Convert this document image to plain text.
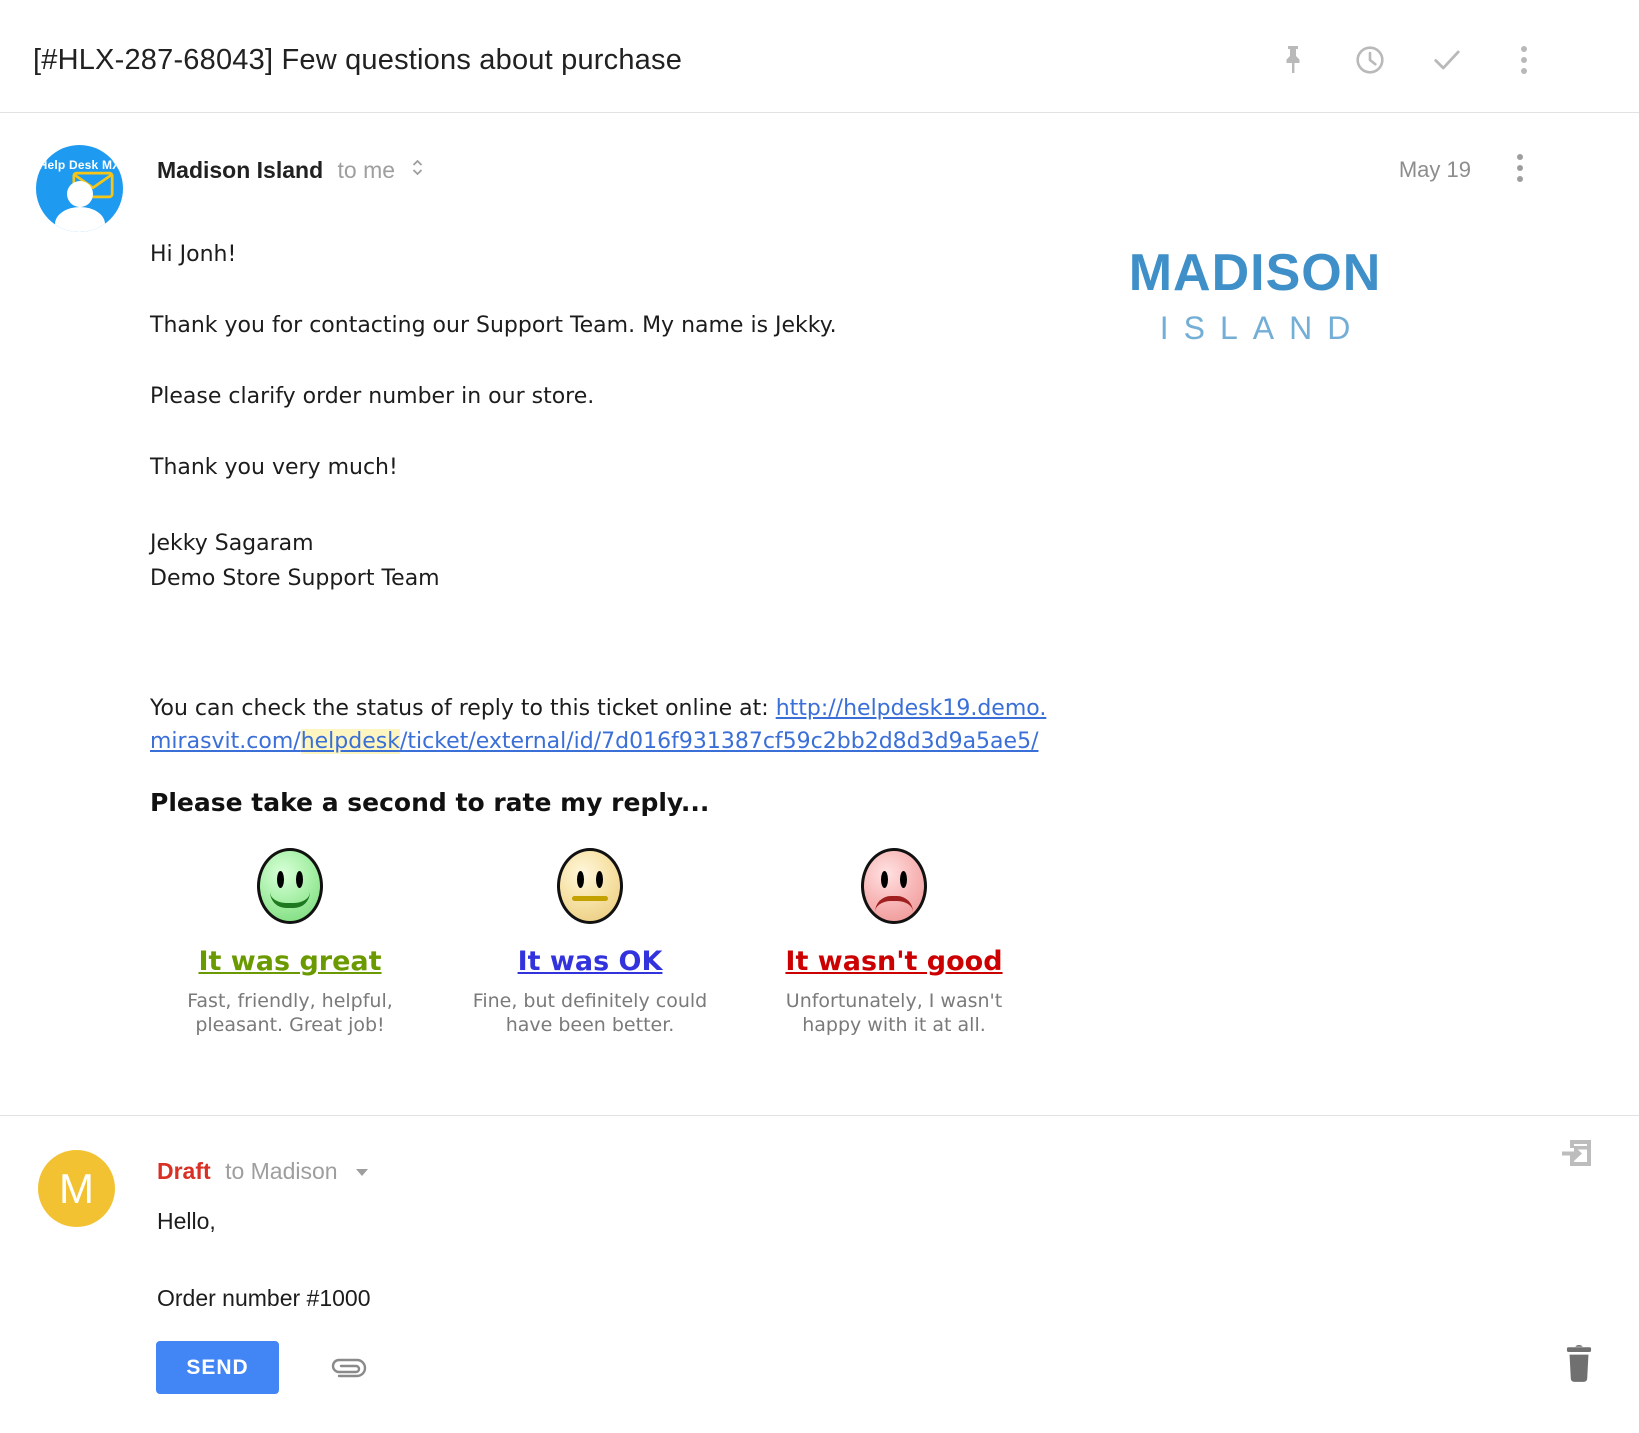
[#HLX-287-68043] Few questions about purchase
Help Desk MX Madison Island to me	May 19

Hi Jonh!

Thank you for contacting our Support Team. My name is Jekky.

Please clarify order number in our store.

Thank you very much!

Jekky Sagaram

Demo Store Support Team

MADISON
ISLAND

You can check the status of reply to this ticket online at: http://helpdesk19.demo.
mirasvit.com/helpdesk/ticket/external/id/7d016f931387cf59c2bb2d8d3d9a5ae5/

Please take a second to rate my reply...

It was great
Fast, friendly, helpful, pleasant. Great job!
It was OK
Fine, but definitely could have been better.
It wasn't good
Unfortunately, I wasn't happy with it at all.
M	Draft to Madison
Hello,
Order number #1000
SEND
